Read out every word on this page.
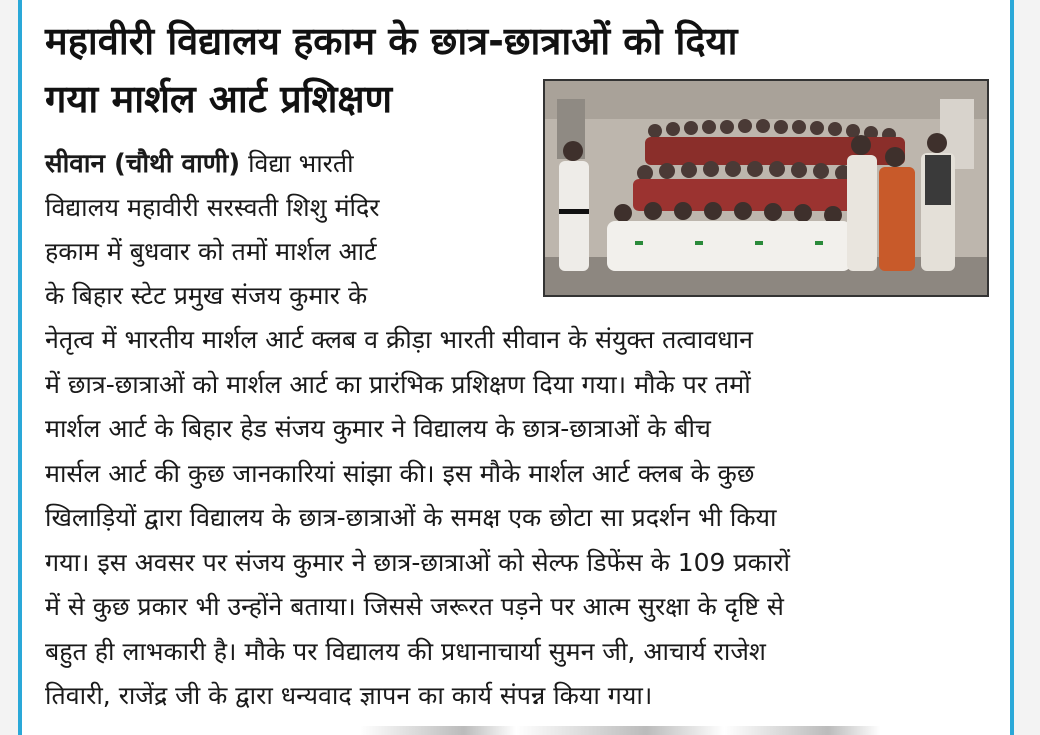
महावीरी विद्यालय हकाम के छात्र-छात्राओं को दिया
गया मार्शल आर्ट प्रशिक्षण
सीवान (चौथी वाणी) विद्या भारती
विद्यालय महावीरी सरस्वती शिशु मंदिर
हकाम में बुधवार को तमों मार्शल आर्ट
के बिहार स्टेट प्रमुख संजय कुमार के
नेतृत्व में भारतीय मार्शल आर्ट क्लब व क्रीड़ा भारती सीवान के संयुक्त तत्वावधान
में छात्र-छात्राओं को मार्शल आर्ट का प्रारंभिक प्रशिक्षण दिया गया। मौके पर तमों
मार्शल आर्ट के बिहार हेड संजय कुमार ने विद्यालय के छात्र-छात्राओं के बीच
मार्सल आर्ट की कुछ जानकारियां सांझा की। इस मौके मार्शल आर्ट क्लब के कुछ
खिलाड़ियों द्वारा विद्यालय के छात्र-छात्राओं के समक्ष एक छोटा सा प्रदर्शन भी किया
गया। इस अवसर पर संजय कुमार ने छात्र-छात्राओं को सेल्फ डिफेंस के 109 प्रकारों
में से कुछ प्रकार भी उन्होंने बताया। जिससे जरूरत पड़ने पर आत्म सुरक्षा के दृष्टि से
बहुत ही लाभकारी है। मौके पर विद्यालय की प्रधानाचार्या सुमन जी, आचार्य राजेश
तिवारी, राजेंद्र जी के द्वारा धन्यवाद ज्ञापन का कार्य संपन्न किया गया।
